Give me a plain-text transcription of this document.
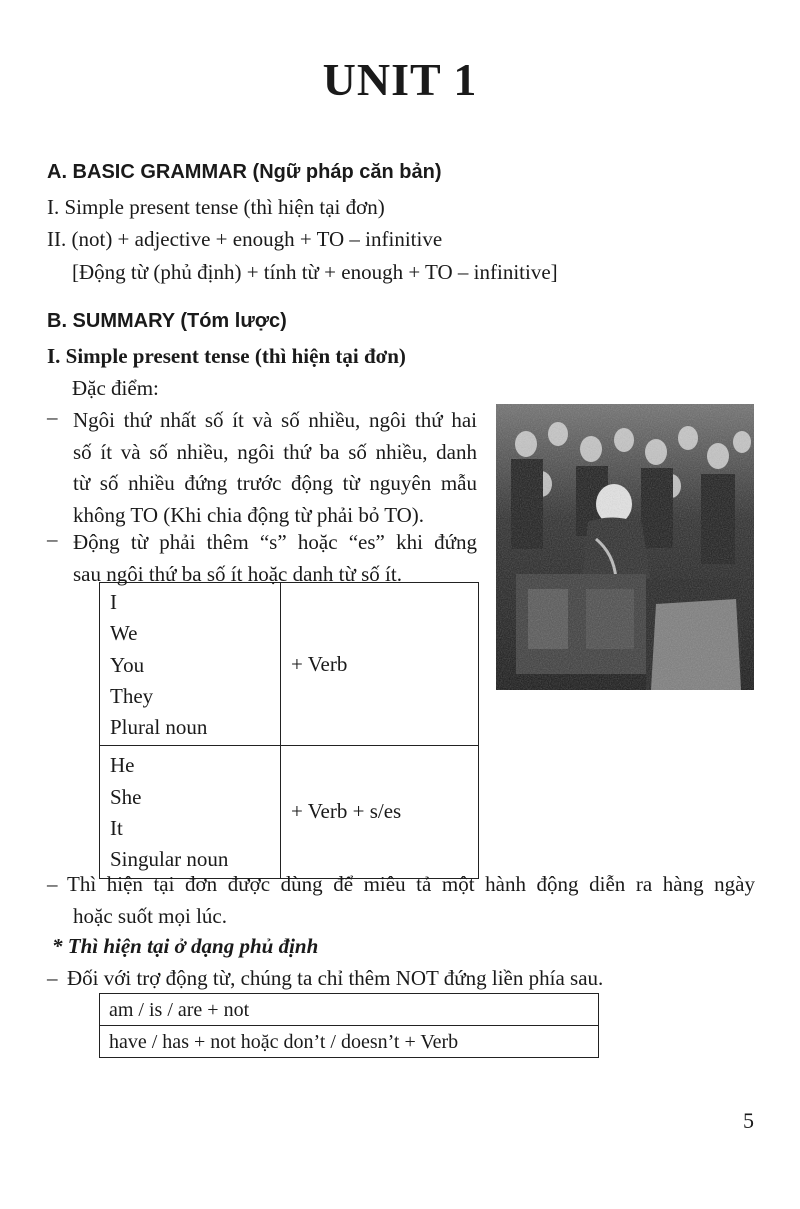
UNIT 1
A. BASIC GRAMMAR (Ngữ pháp căn bản)
I. Simple present tense (thì hiện tại đơn)
II. (not) + adjective + enough + TO – infinitive
[Động từ (phủ định) + tính từ + enough + TO – infinitive]
B. SUMMARY (Tóm lược)
I. Simple present tense (thì hiện tại đơn)
Đặc điểm:
– Ngôi thứ nhất số ít và số nhiều, ngôi thứ hai
số ít và số nhiều, ngôi thứ ba số nhiều, danh
từ số nhiều đứng trước động từ nguyên mẫu
không TO (Khi chia động từ phải bỏ TO).
– Động từ phải thêm “s” hoặc “es” khi đứng
sau ngôi thứ ba số ít hoặc danh từ số ít.
I
We
You
They
Plural noun	+ Verb

He
She
It
Singular noun	+ Verb + s/es
– Thì hiện tại đơn được dùng để miêu tả một hành động diễn ra hàng ngày
hoặc suốt mọi lúc.
* Thì hiện tại ở dạng phủ định
– Đối với trợ động từ, chúng ta chỉ thêm NOT đứng liền phía sau.
am / is / are + not
have / has + not hoặc don’t / doesn’t + Verb
5
